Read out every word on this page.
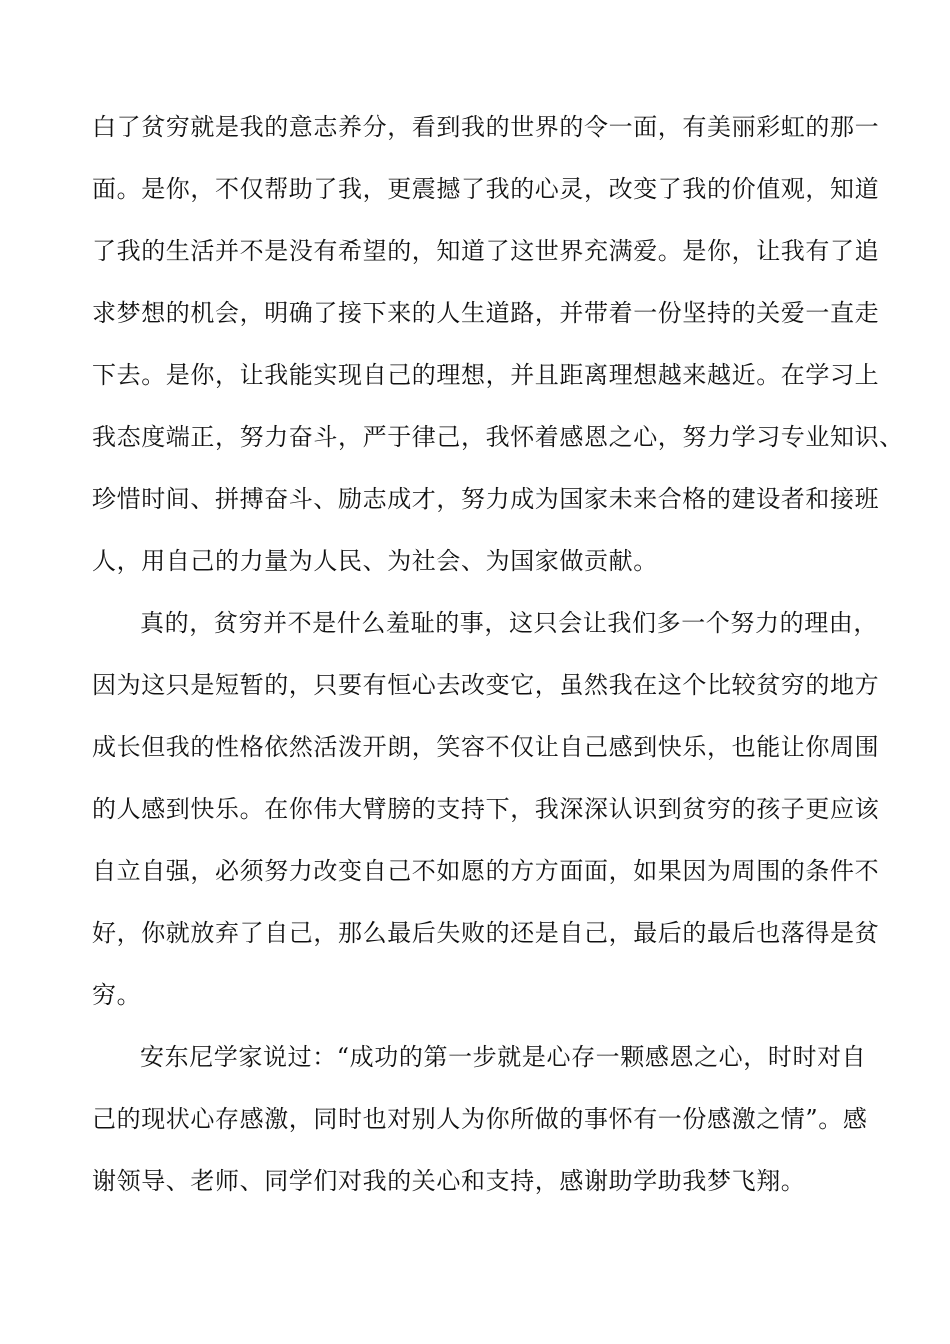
白了贫穷就是我的意志养分，看到我的世界的令一面，有美丽彩虹的那一

面。是你，不仅帮助了我，更震撼了我的心灵，改变了我的价值观，知道

了我的生活并不是没有希望的，知道了这世界充满爱。是你，让我有了追

求梦想的机会，明确了接下来的人生道路，并带着一份坚持的关爱一直走

下去。是你，让我能实现自己的理想，并且距离理想越来越近。在学习上

我态度端正，努力奋斗，严于律己，我怀着感恩之心，努力学习专业知识、

珍惜时间、拼搏奋斗、励志成才，努力成为国家未来合格的建设者和接班

人，用自己的力量为人民、为社会、为国家做贡献。

真的，贫穷并不是什么羞耻的事，这只会让我们多一个努力的理由，

因为这只是短暂的，只要有恒心去改变它，虽然我在这个比较贫穷的地方

成长但我的性格依然活泼开朗，笑容不仅让自己感到快乐，也能让你周围

的人感到快乐。在你伟大臂膀的支持下，我深深认识到贫穷的孩子更应该

自立自强，必须努力改变自己不如愿的方方面面，如果因为周围的条件不

好，你就放弃了自己，那么最后失败的还是自己，最后的最后也落得是贫

穷。

安东尼学家说过：“成功的第一步就是心存一颗感恩之心，时时对自

己的现状心存感激，同时也对别人为你所做的事怀有一份感激之情”。感

谢领导、老师、同学们对我的关心和支持，感谢助学助我梦飞翔。
